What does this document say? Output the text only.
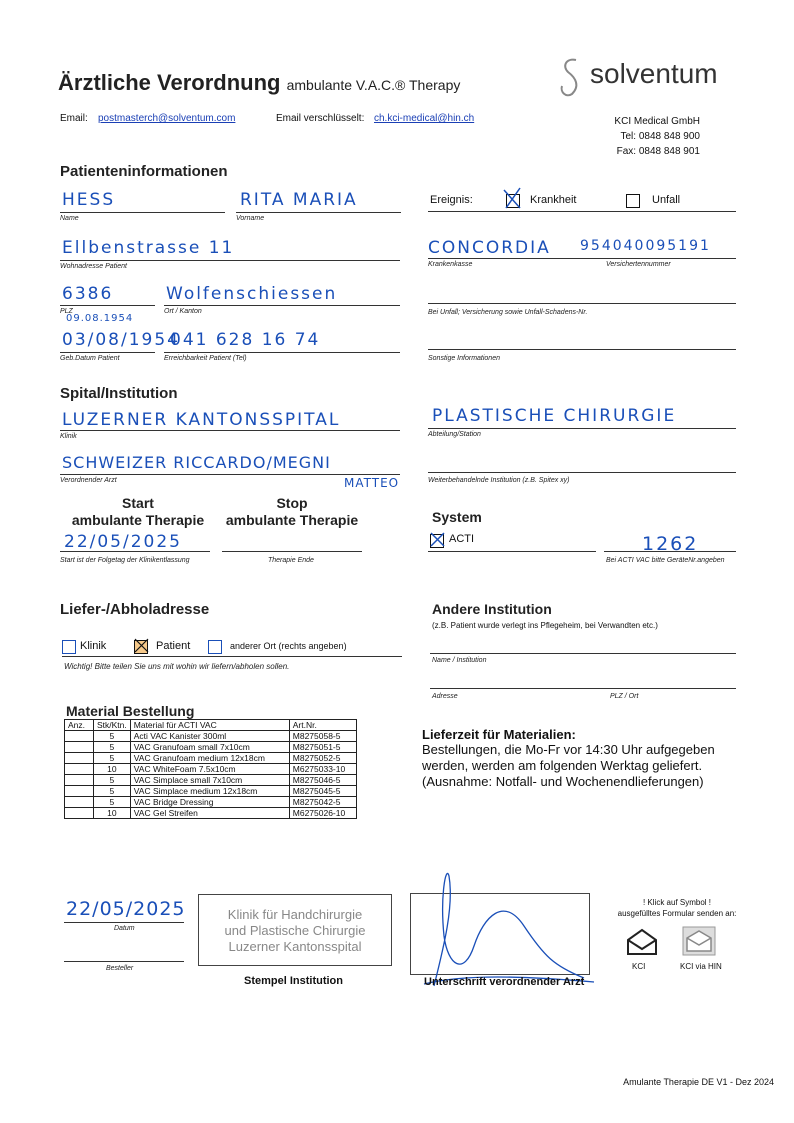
Ärztliche Verordnung ambulante V.A.C.® Therapy	solventum
Email: postmasterch@solventum.com	Email verschlüsselt: ch.kci-medical@hin.ch	KCI Medical GmbH
Tel: 0848 848 900
Fax: 0848 848 901
Patienteninformationen
HESS
Name
RITA MARIA
Vorname
Ellbenstrasse 11
Wohnadresse Patient
6386
PLZ
Wolfenschiessen
Ort / Kanton
09.08.1954
03/08/1954
Geb.Datum Patient
041 628 16 74
Erreichbarkeit Patient (Tel)
Ereignis:	Krankheit	Unfall
CONCORDIA 954040095191
Krankenkasse	Versichertennummer
Bei Unfall; Versicherung sowie Unfall-Schadens-Nr.
Sonstige Informationen
Spital/Institution
LUZERNER KANTONSSPITAL
Klinik
PLASTISCHE CHIRURGIE
Abteilung/Station
SCHWEIZER RICCARDO/MEGNI
MATTEO
Verordnender Arzt	Weiterbehandelnde Institution (z.B. Spitex xy)
Start
ambulante Therapie
Stop
ambulante Therapie
22/05/2025
Start ist der Folgetag der Klinikentlassung	Therapie Ende
System
ACTI	1262
Bei ACTI VAC bitte GeräteNr.angeben
Liefer-/Abholadresse
Klinik	Patient	anderer Ort (rechts angeben)
Wichtig! Bitte teilen Sie uns mit wohin wir liefern/abholen sollen.
Andere Institution
(z.B. Patient wurde verlegt ins Pflegeheim, bei Verwandten etc.)
Name / Institution
Adresse	PLZ / Ort
Material Bestellung
Anz.	Stk/Ktn.	Material für ACTI VAC	Art.Nr.
	5	Acti VAC Kanister 300ml	M8275058-5
	5	VAC Granufoam small 7x10cm	M8275051-5
	5	VAC Granufoam medium 12x18cm	M8275052-5
	10	VAC WhiteFoam 7.5x10cm	M6275033-10
	5	VAC Simplace small 7x10cm	M8275046-5
	5	VAC Simplace medium 12x18cm	M8275045-5
	5	VAC Bridge Dressing	M8275042-5
	10	VAC Gel Streifen	M6275026-10
Lieferzeit für Materialien:
Bestellungen, die Mo-Fr vor 14:30 Uhr aufgegeben
werden, werden am folgenden Werktag geliefert.
(Ausnahme: Notfall- und Wochenendlieferungen)
22/05/2025
Datum
Besteller
Klinik für Handchirurgie
und Plastische Chirurgie
Luzerner Kantonsspital
Stempel Institution	Unterschrift verordnender Arzt
! Klick auf Symbol !
ausgefülltes Formular senden an:
KCI	KCI via HIN
Amulante Therapie DE V1 - Dez 2024
